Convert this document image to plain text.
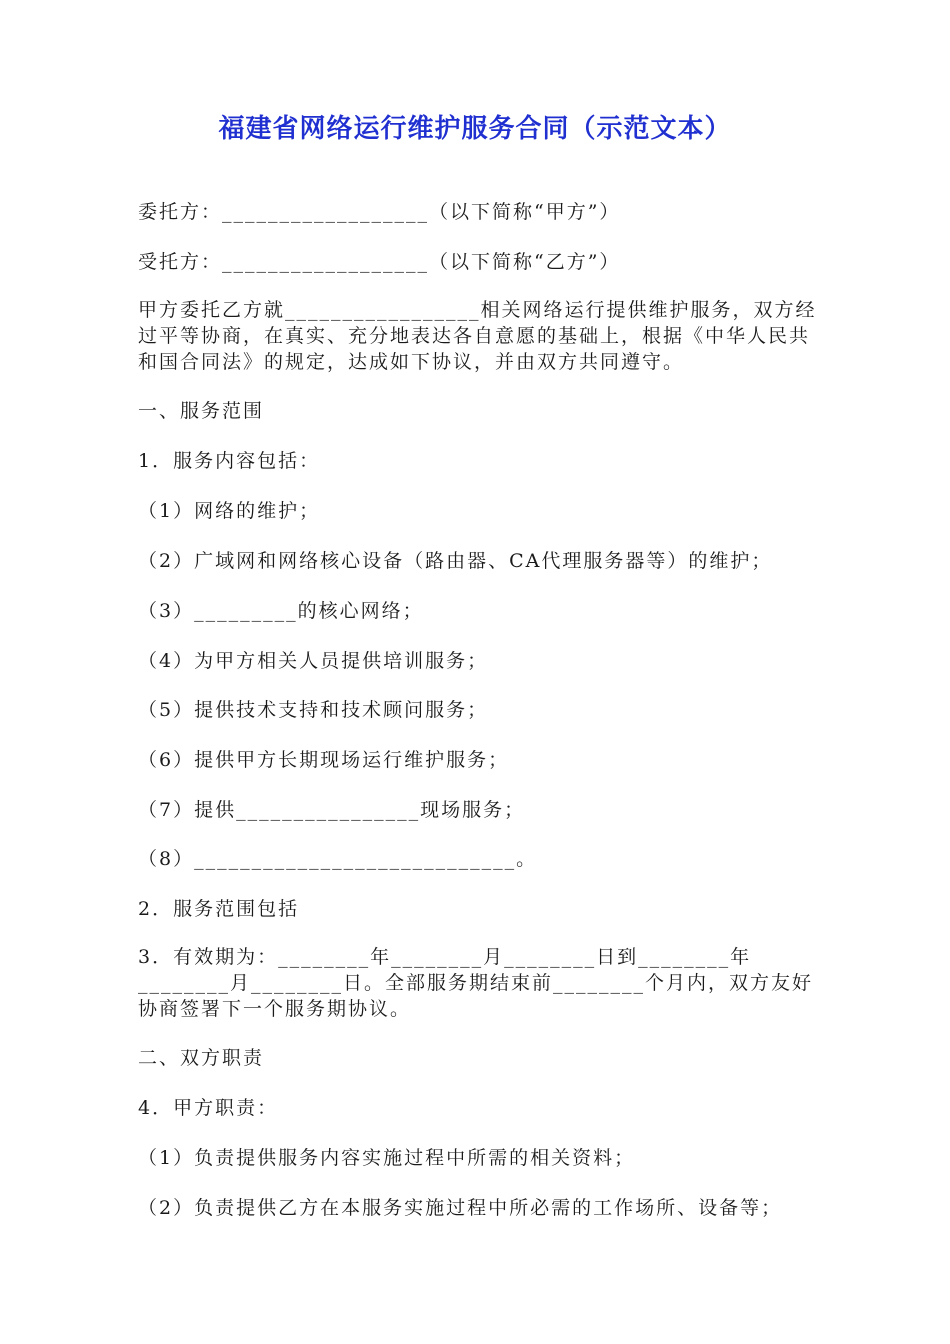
福建省网络运行维护服务合同（示范文本）
委托方：__________________（以下简称“甲方”）
受托方：__________________（以下简称“乙方”）
甲方委托乙方就_________________相关网络运行提供维护服务，双方经过平等协商，在真实、充分地表达各自意愿的基础上，根据《中华人民共和国合同法》的规定，达成如下协议，并由双方共同遵守。
一、服务范围
1．服务内容包括：
（1）网络的维护；
（2）广域网和网络核心设备（路由器、CA代理服务器等）的维护；
（3）_________的核心网络；
（4）为甲方相关人员提供培训服务；
（5）提供技术支持和技术顾问服务；
（6）提供甲方长期现场运行维护服务；
（7）提供________________现场服务；
（8）____________________________。
2．服务范围包括
3．有效期为：________年________月________日到________年________月________日。全部服务期结束前________个月内，双方友好协商签署下一个服务期协议。
二、双方职责
4．甲方职责：
（1）负责提供服务内容实施过程中所需的相关资料；
（2）负责提供乙方在本服务实施过程中所必需的工作场所、设备等；
